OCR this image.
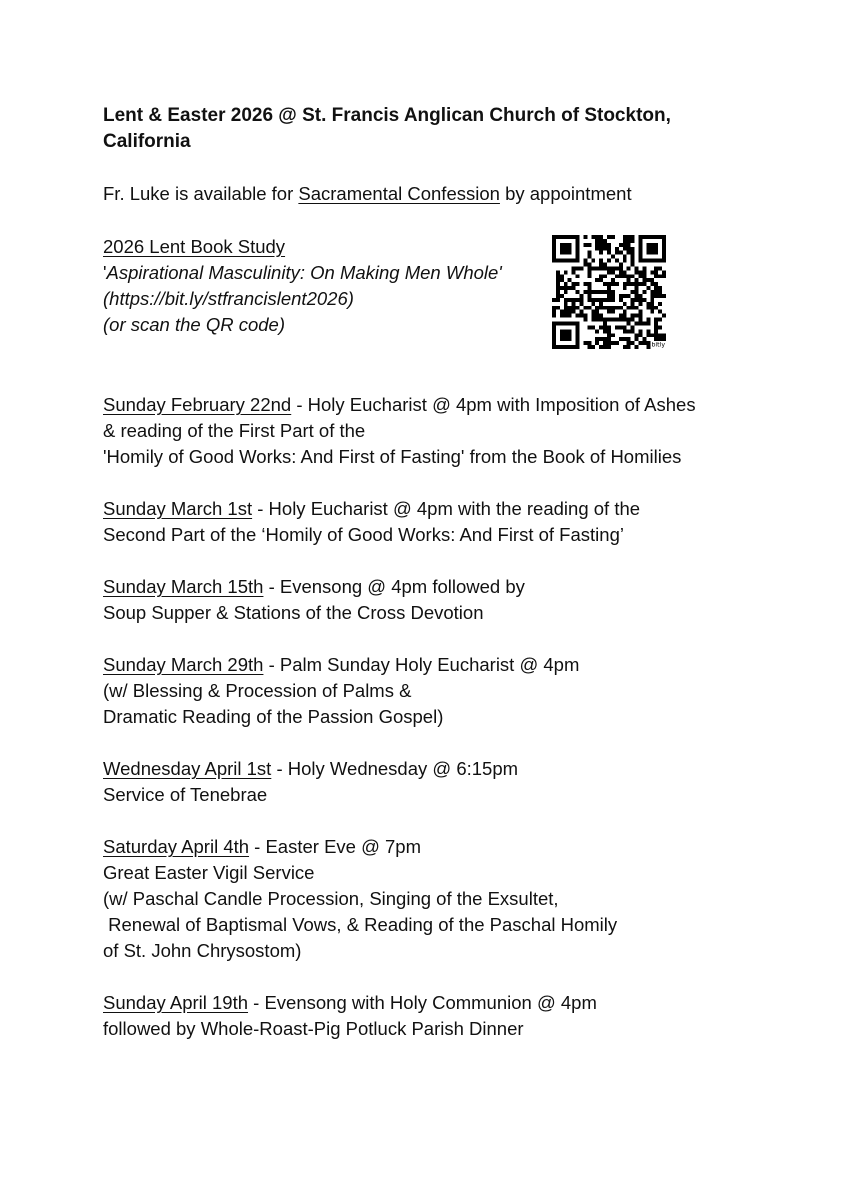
Lent & Easter 2026 @ St. Francis Anglican Church of Stockton, California
Fr. Luke is available for Sacramental Confession by appointment
2026 Lent Book Study
'Aspirational Masculinity: On Making Men Whole'
(https://bit.ly/stfrancislent2026)
(or scan the QR code)
bitly
Sunday February 22nd - Holy Eucharist @ 4pm with Imposition of Ashes
& reading of the First Part of the
'Homily of Good Works: And First of Fasting' from the Book of Homilies
Sunday March 1st - Holy Eucharist @ 4pm with the reading of the
Second Part of the ‘Homily of Good Works: And First of Fasting’
Sunday March 15th - Evensong @ 4pm followed by
Soup Supper & Stations of the Cross Devotion
Sunday March 29th - Palm Sunday Holy Eucharist @ 4pm
(w/ Blessing & Procession of Palms &
Dramatic Reading of the Passion Gospel)
Wednesday April 1st - Holy Wednesday @ 6:15pm
Service of Tenebrae
Saturday April 4th - Easter Eve @ 7pm
Great Easter Vigil Service
(w/ Paschal Candle Procession, Singing of the Exsultet,
Renewal of Baptismal Vows, & Reading of the Paschal Homily
of St. John Chrysostom)
Sunday April 19th - Evensong with Holy Communion @ 4pm
followed by Whole-Roast-Pig Potluck Parish Dinner
